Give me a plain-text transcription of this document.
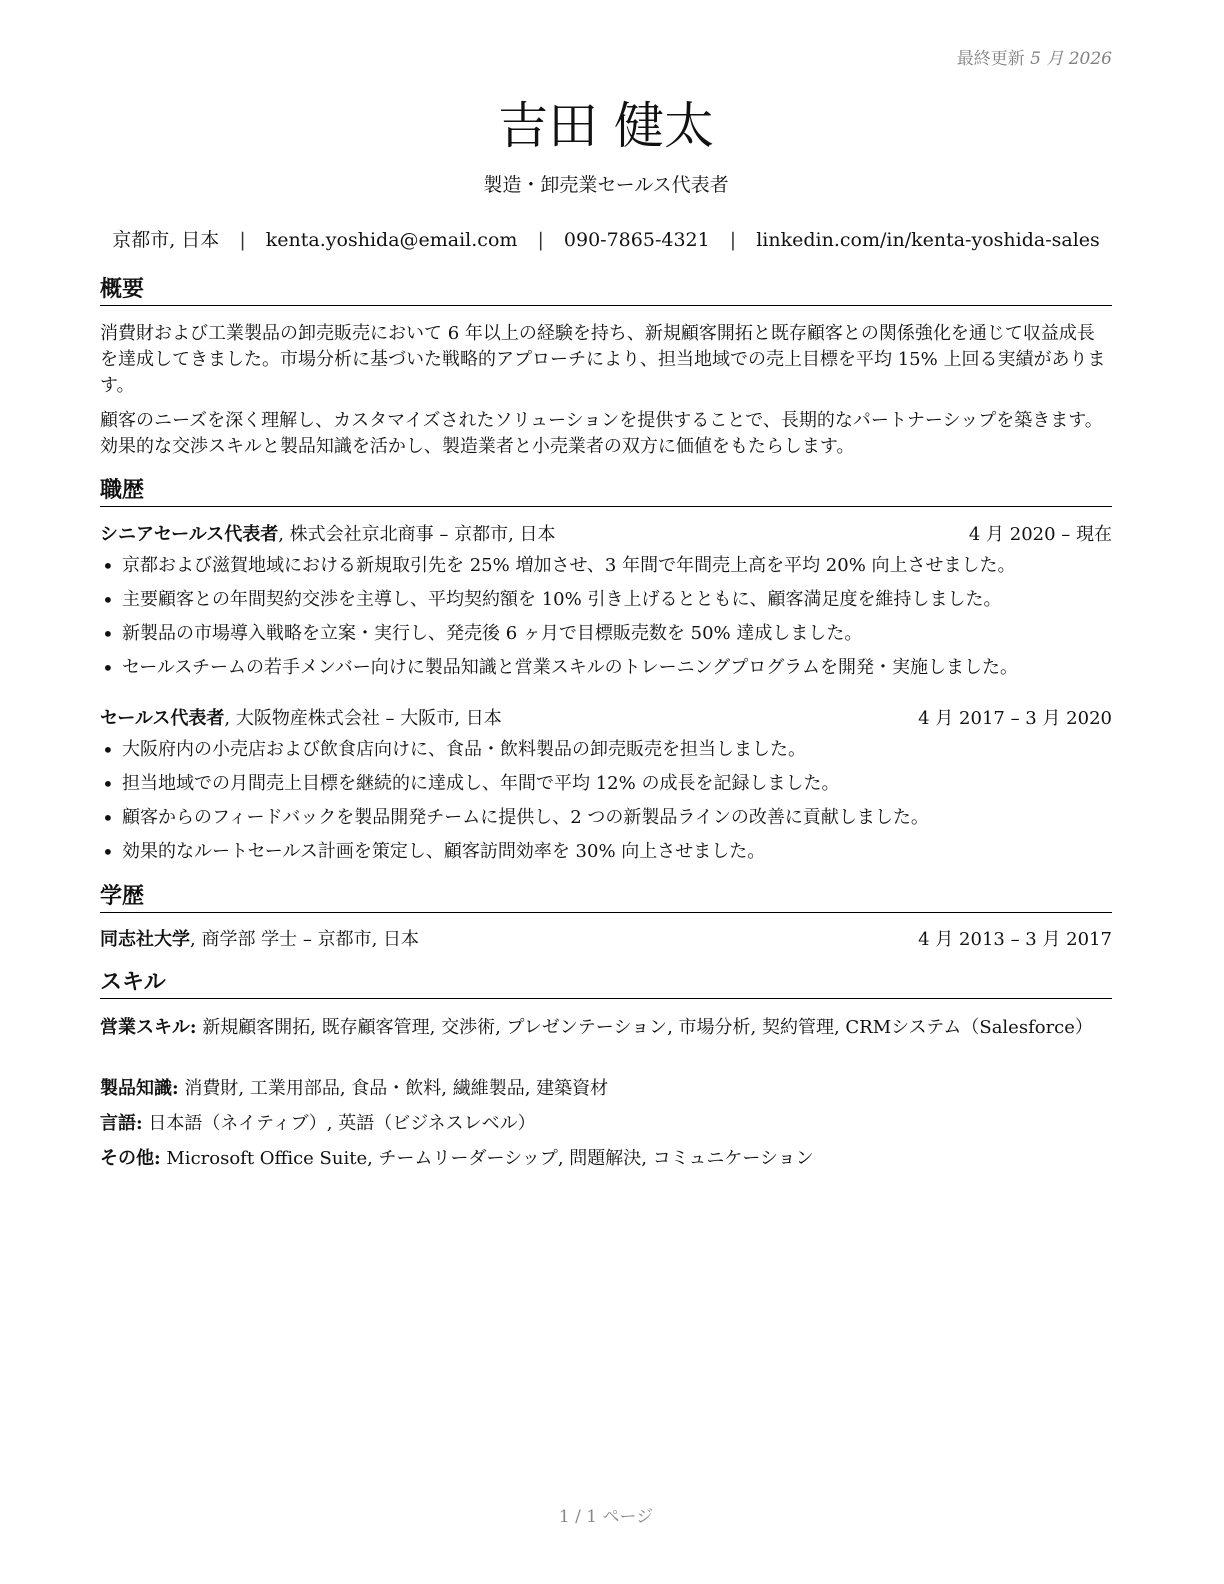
最終更新 5 月 2026
吉田 健太
製造・卸売業セールス代表者
京都市, 日本 | kenta.yoshida@email.com | 090-7865-4321 | linkedin.com/in/kenta-yoshida-sales
概要

消費財および工業製品の卸売販売において 6 年以上の経験を持ち、新規顧客開拓と既存顧客との関係強化を通じて収益成長を達成してきました。市場分析に基づいた戦略的アプローチにより、担当地域での売上目標を平均 15% 上回る実績があります。

顧客のニーズを深く理解し、カスタマイズされたソリューションを提供することで、長期的なパートナーシップを築きます。効果的な交渉スキルと製品知識を活かし、製造業者と小売業者の双方に価値をもたらします。

職歴
シニアセールス代表者, 株式会社京北商事 – 京都市, 日本	4 月 2020 – 現在
• 京都および滋賀地域における新規取引先を 25% 増加させ、3 年間で年間売上高を平均 20% 向上させました。
• 主要顧客との年間契約交渉を主導し、平均契約額を 10% 引き上げるとともに、顧客満足度を維持しました。
• 新製品の市場導入戦略を立案・実行し、発売後 6 ヶ月で目標販売数を 50% 達成しました。
• セールスチームの若手メンバー向けに製品知識と営業スキルのトレーニングプログラムを開発・実施しました。
セールス代表者, 大阪物産株式会社 – 大阪市, 日本	4 月 2017 – 3 月 2020
• 大阪府内の小売店および飲食店向けに、食品・飲料製品の卸売販売を担当しました。
• 担当地域での月間売上目標を継続的に達成し、年間で平均 12% の成長を記録しました。
• 顧客からのフィードバックを製品開発チームに提供し、2 つの新製品ラインの改善に貢献しました。
• 効果的なルートセールス計画を策定し、顧客訪問効率を 30% 向上させました。
学歴
同志社大学, 商学部 学士 – 京都市, 日本	4 月 2013 – 3 月 2017
スキル

営業スキル: 新規顧客開拓, 既存顧客管理, 交渉術, プレゼンテーション, 市場分析, 契約管理, CRMシステム（Salesforce）

製品知識: 消費財, 工業用部品, 食品・飲料, 繊維製品, 建築資材

言語: 日本語（ネイティブ）, 英語（ビジネスレベル）

その他: Microsoft Office Suite, チームリーダーシップ, 問題解決, コミュニケーション

1 / 1 ページ
